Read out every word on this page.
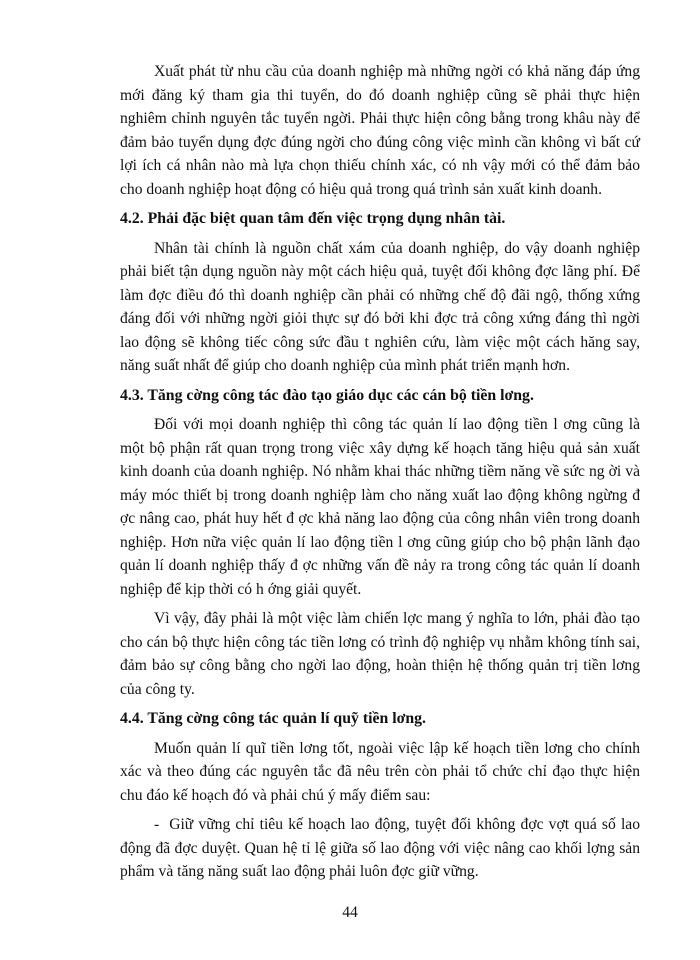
Xuất phát từ nhu cầu của doanh nghiệp mà những ngời có khả năng đáp ứng mới đăng ký tham gia thi tuyển, do đó doanh nghiệp cũng sẽ phải thực hiện nghiêm chỉnh nguyên tắc tuyển ngời. Phải thực hiện công bằng trong khâu này để đảm bảo tuyển dụng đợc đúng ngời cho đúng công việc mình cần không vì bất cứ lợi ích cá nhân nào mà lựa chọn thiếu chính xác, có nh vậy mới có thể đảm bảo cho doanh nghiệp hoạt động có hiệu quả trong quá trình sản xuất kinh doanh.

4.2. Phải đặc biệt quan tâm đến việc trọng dụng nhân tài.

Nhân tài chính là nguồn chất xám của doanh nghiệp, do vậy doanh nghiệp phải biết tận dụng nguồn này một cách hiệu quả, tuyệt đối không đợc lãng phí. Để làm đợc điều đó thì doanh nghiệp cần phải có những chế độ đãi ngộ, thống xứng đáng đối với những ngời giỏi thực sự đó bởi khi đợc trả công xứng đáng thì ngời lao động sẽ không tiếc công sức đầu t nghiên cứu, làm việc một cách hăng say, năng suất nhất để giúp cho doanh nghiệp của mình phát triển mạnh hơn.

4.3. Tăng cờng công tác đào tạo giáo dục các cán bộ tiền lơng.

Đối với mọi doanh nghiệp thì công tác quản lí lao động tiền l ơng cũng là một bộ phận rất quan trọng trong việc xây dựng kế hoạch tăng hiệu quả sản xuất kinh doanh của doanh nghiệp. Nó nhằm khai thác những tiềm năng về sức ng ời và máy móc thiết bị trong doanh nghiệp làm cho năng xuất lao động không ngừng đ ợc nâng cao, phát huy hết đ ợc khả năng lao động của công nhân viên trong doanh nghiệp. Hơn nữa việc quản lí lao động tiền l ơng cũng giúp cho bộ phận lãnh đạo quản lí doanh nghiệp thấy đ ợc những vấn đề nảy ra trong công tác quản lí doanh nghiệp để kịp thời có h ớng giải quyết.

Vì vậy, đây phải là một việc làm chiến lợc mang ý nghĩa to lớn, phải đào tạo cho cán bộ thực hiện công tác tiền lơng có trình độ nghiệp vụ nhằm không tính sai, đảm bảo sự công bằng cho ngời lao động, hoàn thiện hệ thống quản trị tiền lơng của công ty.

4.4. Tăng cờng công tác quản lí quỹ tiền lơng.

Muốn quản lí quĩ tiền lơng tốt, ngoài việc lập kế hoạch tiền lơng cho chính xác và theo đúng các nguyên tắc đã nêu trên còn phải tổ chức chỉ đạo thực hiện chu đáo kế hoạch đó và phải chú ý mấy điểm sau:

- Giữ vững chỉ tiêu kế hoạch lao động, tuyệt đối không đợc vợt quá số lao động đã đợc duyệt. Quan hệ tỉ lệ giữa số lao động với việc nâng cao khối lợng sản phẩm và tăng năng suất lao động phải luôn đợc giữ vững.

44
